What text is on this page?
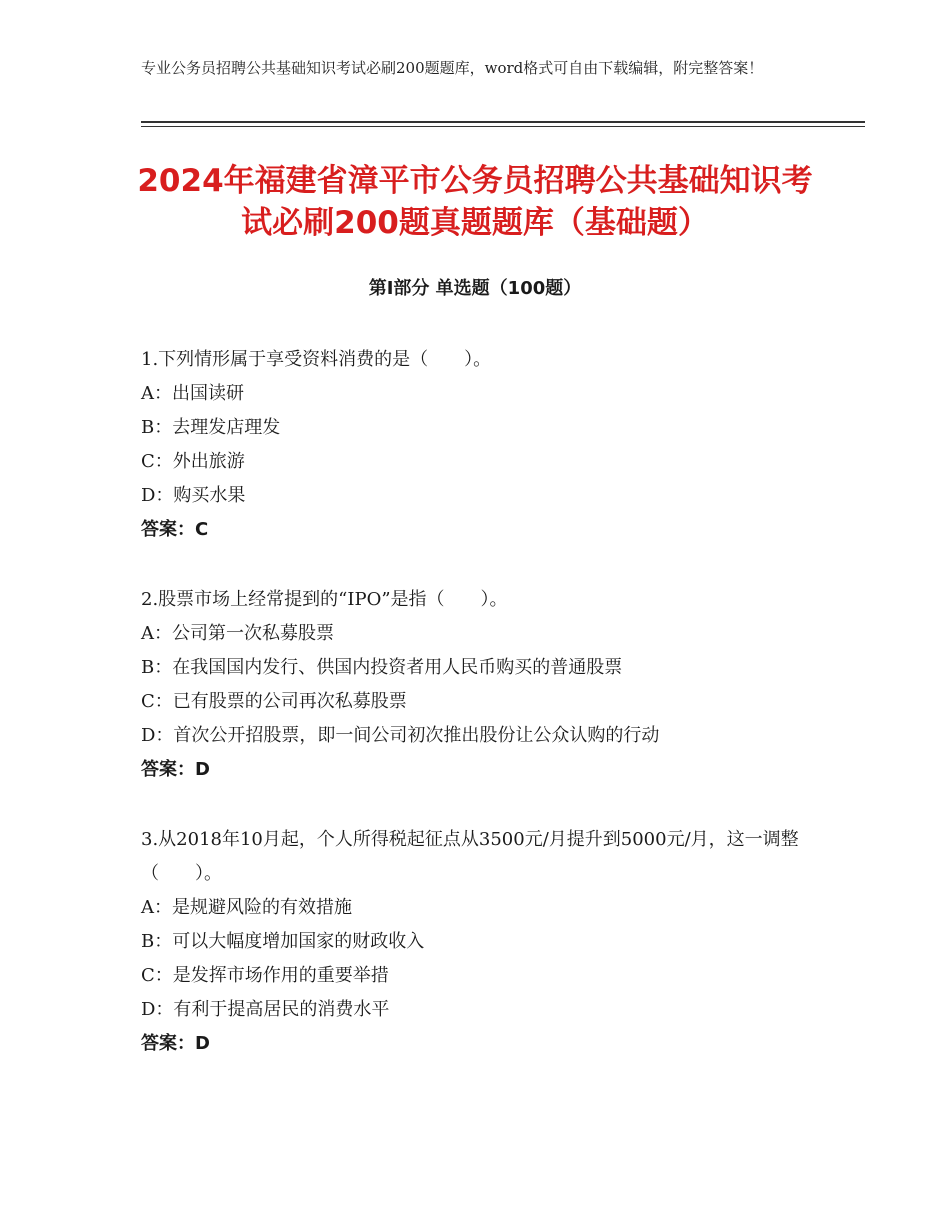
专业公务员招聘公共基础知识考试必刷200题题库，word格式可自由下载编辑，附完整答案！
2024年福建省漳平市公务员招聘公共基础知识考试必刷200题真题题库（基础题）
第Ⅰ部分 单选题（100题）

1.下列情形属于享受资料消费的是（　　）。

A：出国读研

B：去理发店理发

C：外出旅游

D：购买水果

答案：C

2.股票市场上经常提到的“IPO”是指（　　）。

A：公司第一次私募股票

B：在我国国内发行、供国内投资者用人民币购买的普通股票

C：已有股票的公司再次私募股票

D：首次公开招股票，即一间公司初次推出股份让公众认购的行动

答案：D

3.从2018年10月起，个人所得税起征点从3500元/月提升到5000元/月，这一调整（　　）。

A：是规避风险的有效措施

B：可以大幅度增加国家的财政收入

C：是发挥市场作用的重要举措

D：有利于提高居民的消费水平

答案：D
